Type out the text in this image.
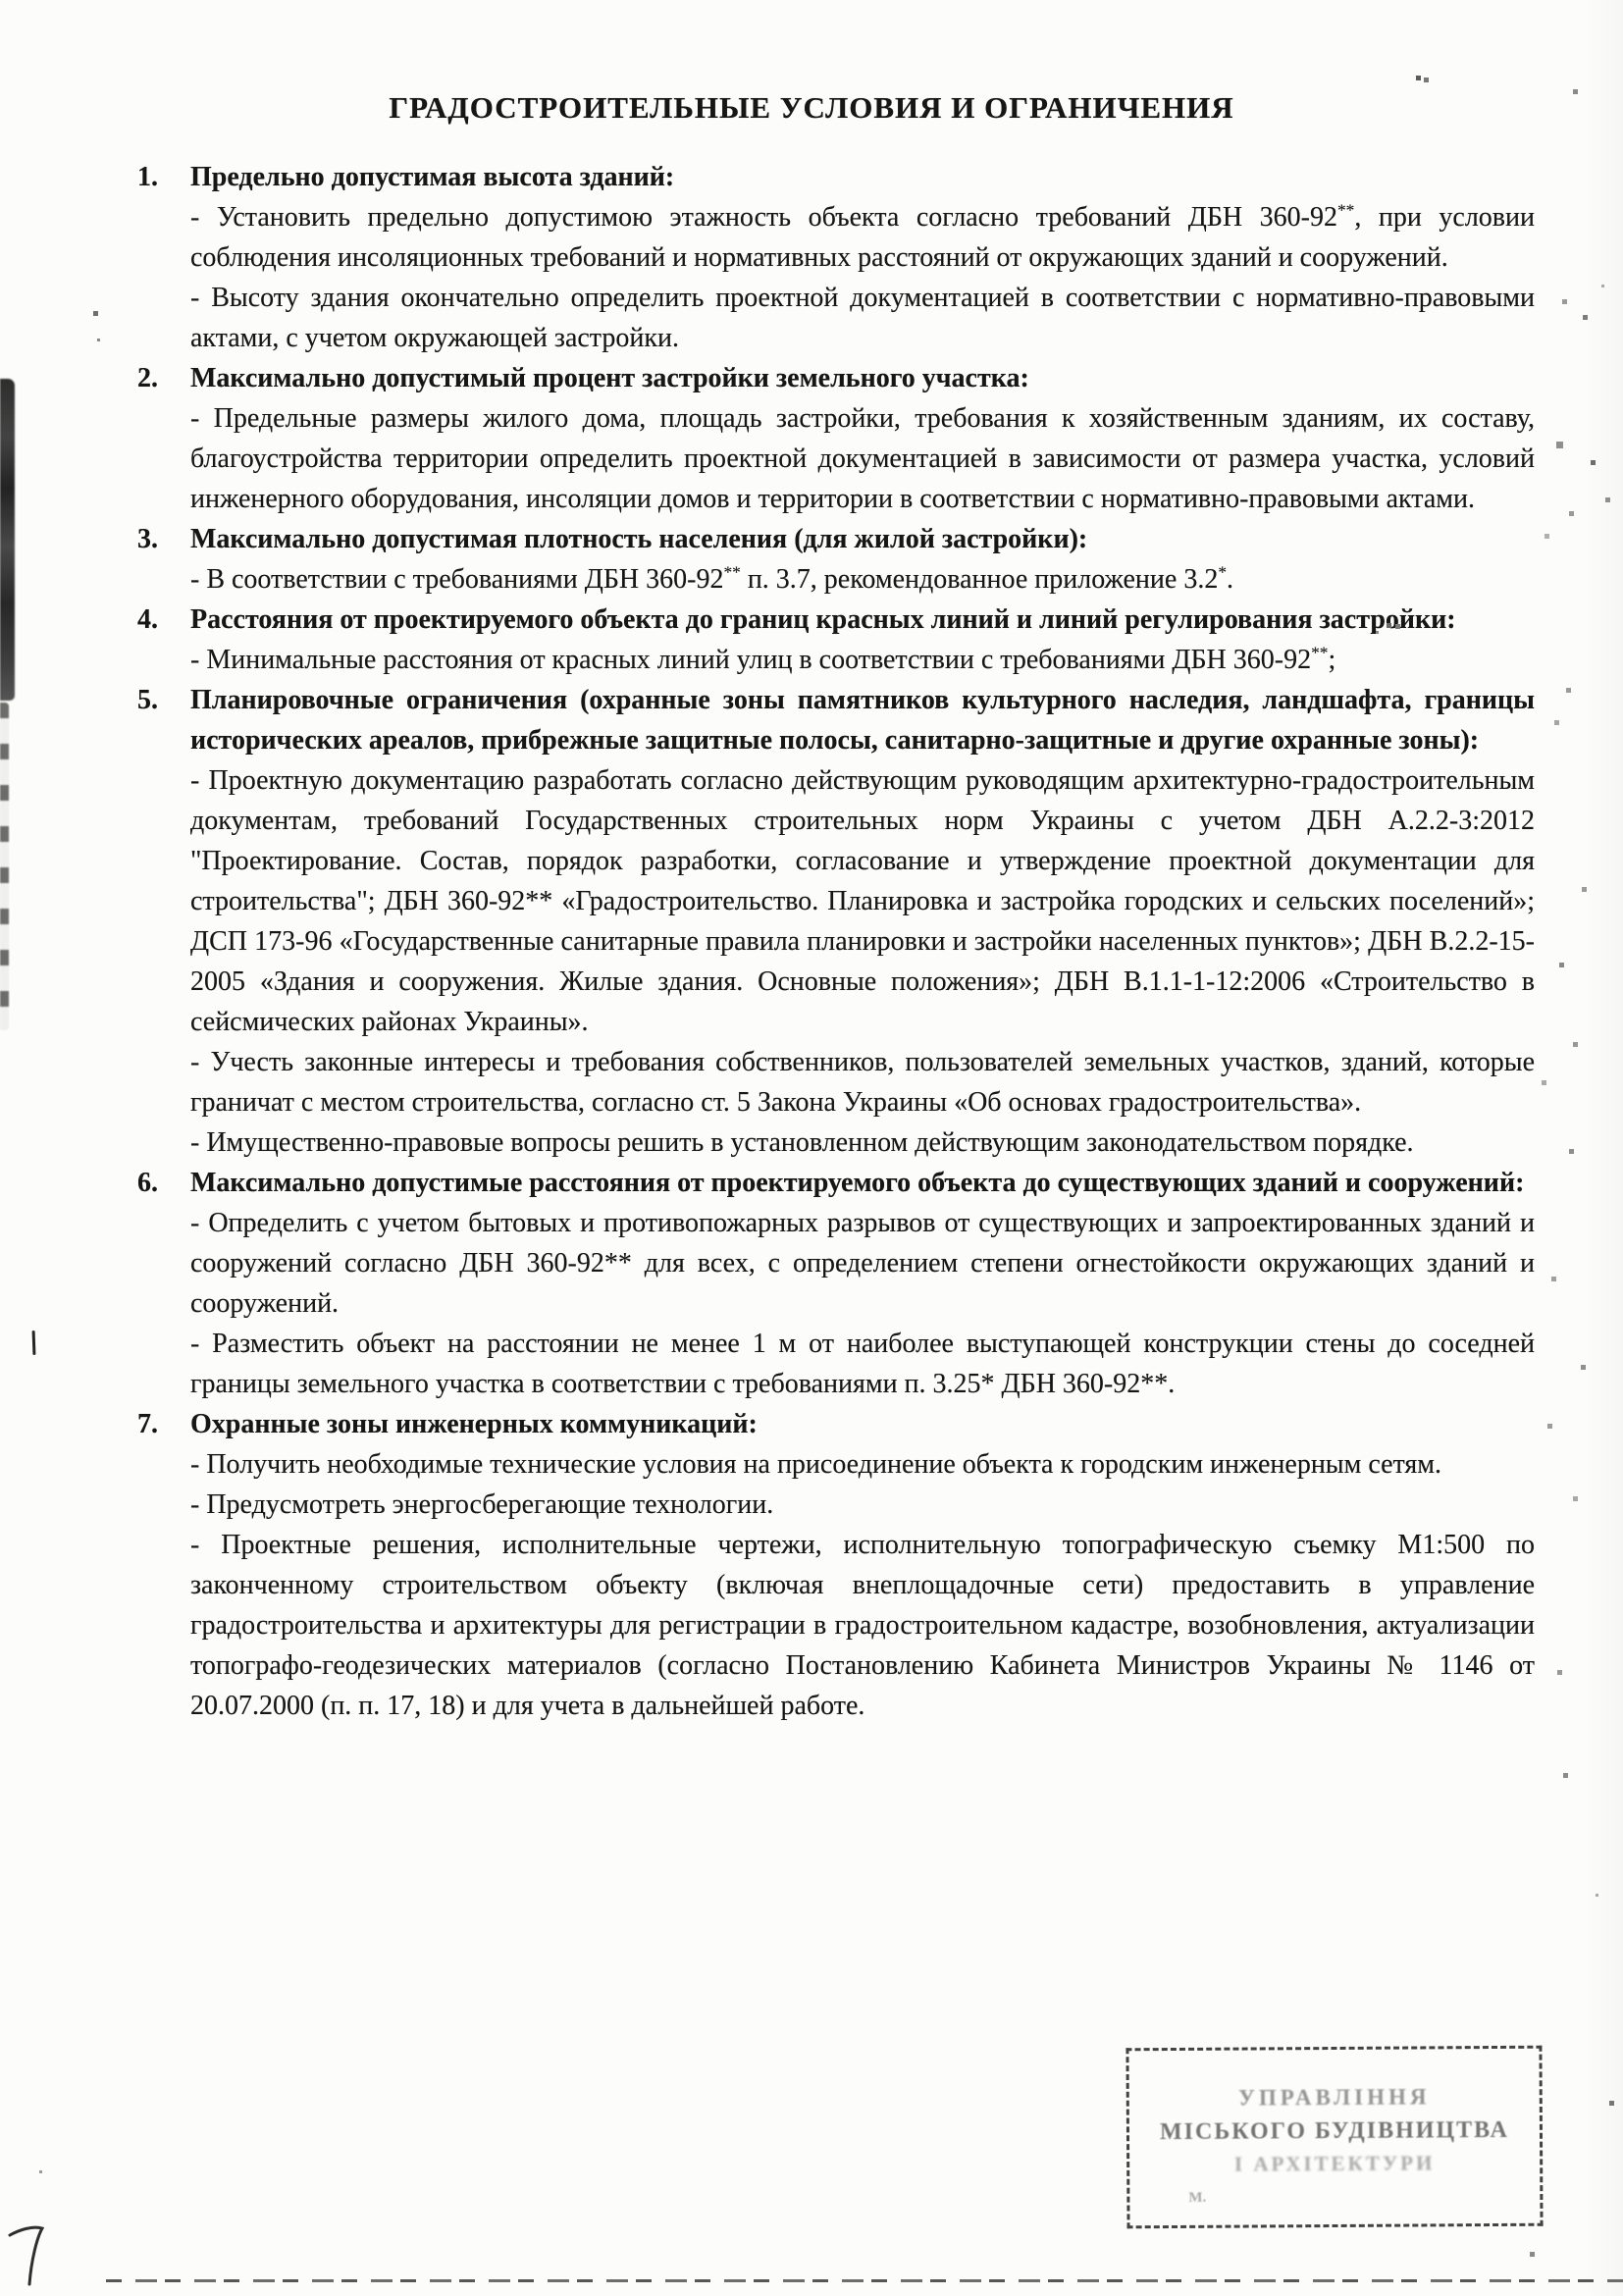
ГРАДОСТРОИТЕЛЬНЫЕ УСЛОВИЯ И ОГРАНИЧЕНИЯ
1.	Предельно допустимая высота зданий:

- Установить предельно допустимою этажность объекта согласно требований ДБН 360-92**, при условии соблюдения инсоляционных требований и нормативных расстояний от окружающих зданий и сооружений.

- Высоту здания окончательно определить проектной документацией в соответствии с нормативно-правовыми актами, с учетом окружающей застройки.

2.	Максимально допустимый процент застройки земельного участка:

- Предельные размеры жилого дома, площадь застройки, требования к хозяйственным зданиям, их составу, благоустройства территории определить проектной документацией в зависимости от размера участка, условий инженерного оборудования, инсоляции домов и территории в соответствии с нормативно-правовыми актами.

3.	Максимально допустимая плотность населения (для жилой застройки):

- В соответствии с требованиями ДБН 360-92** п. 3.7, рекомендованное приложение 3.2*.

4.	Расстояния от проектируемого объекта до границ красных линий и линий регулирования застройки:

- Минимальные расстояния от красных линий улиц в соответствии с требованиями ДБН 360-92**;

5.	Планировочные ограничения (охранные зоны памятников культурного наследия, ландшафта, границы исторических ареалов, прибрежные защитные полосы, санитарно-защитные и другие охранные зоны):

- Проектную документацию разработать согласно действующим руководящим архитектурно-градостроительным документам, требований Государственных строительных норм Украины с учетом ДБН А.2.2-3:2012 "Проектирование. Состав, порядок разработки, согласование и утверждение проектной документации для строительства"; ДБН 360-92** «Градостроительство. Планировка и застройка городских и сельских поселений»; ДСП 173-96 «Государственные санитарные правила планировки и застройки населенных пунктов»; ДБН В.2.2-15-2005 «Здания и сооружения. Жилые здания. Основные положения»; ДБН В.1.1-1-12:2006 «Строительство в сейсмических районах Украины».

- Учесть законные интересы и требования собственников, пользователей земельных участков, зданий, которые граничат с местом строительства, согласно ст. 5 Закона Украины «Об основах градостроительства».

- Имущественно-правовые вопросы решить в установленном действующим законодательством порядке.

6.	Максимально допустимые расстояния от проектируемого объекта до существующих зданий и сооружений:

- Определить с учетом бытовых и противопожарных разрывов от существующих и запроектированных зданий и сооружений согласно ДБН 360-92** для всех, с определением степени огнестойкости окружающих зданий и сооружений.

- Разместить объект на расстоянии не менее 1 м от наиболее выступающей конструкции стены до соседней границы земельного участка в соответствии с требованиями п. 3.25* ДБН 360-92**.

7.	Охранные зоны инженерных коммуникаций:

- Получить необходимые технические условия на присоединение объекта к городским инженерным сетям.

- Предусмотреть энергосберегающие технологии.

- Проектные решения, исполнительные чертежи, исполнительную топографическую съемку М1:500 по законченному строительством объекту (включая внеплощадочные сети) предоставить в управление градостроительства и архитектуры для регистрации в градостроительном кадастре, возобновления, актуализации топографо-геодезических материалов (согласно Постановлению Кабинета Министров Украины № 1146 от 20.07.2000 (п. п. 17, 18) и для учета в дальнейшей работе.

УПРАВЛІННЯ
МІСЬКОГО БУДІВНИЦТВА
І АРХІТЕКТУРИ
М.
